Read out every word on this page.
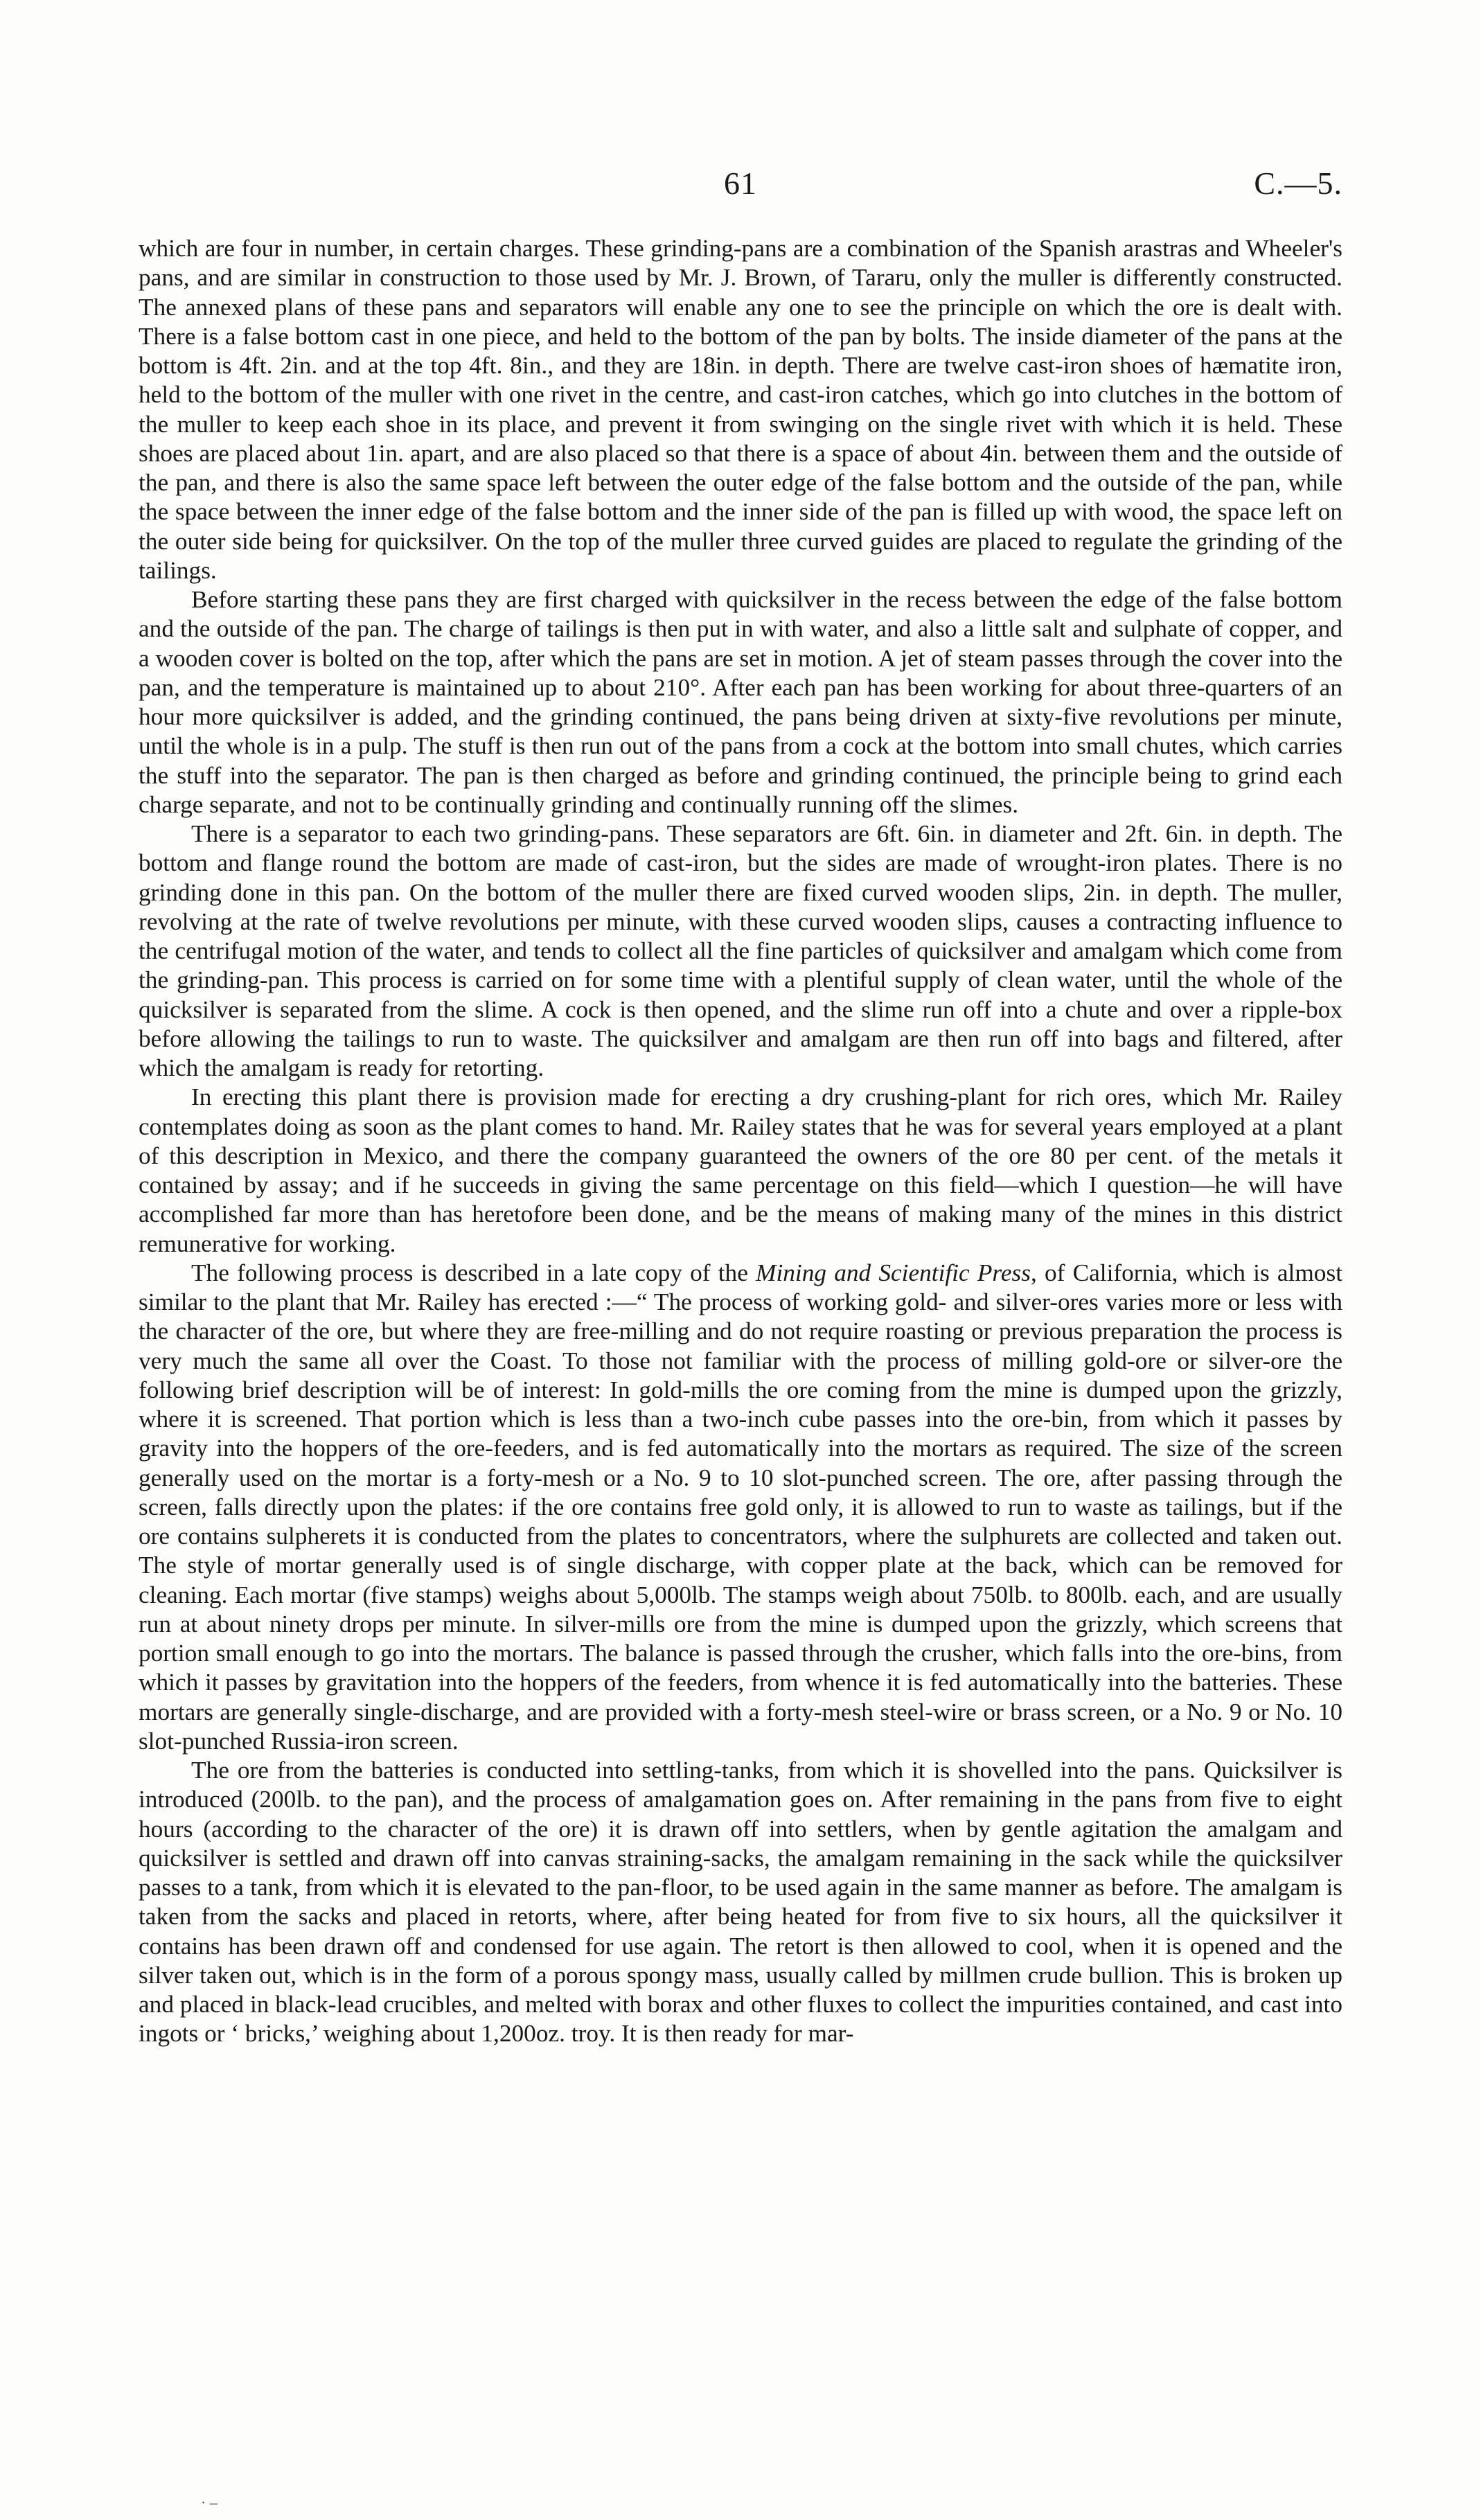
61	C.—5.

which are four in number, in certain charges. These grinding-pans are a combination of the Spanish arastras and Wheeler's pans, and are similar in construction to those used by Mr. J. Brown, of Tararu, only the muller is differently constructed. The annexed plans of these pans and separators will enable any one to see the principle on which the ore is dealt with. There is a false bottom cast in one piece, and held to the bottom of the pan by bolts. The inside diameter of the pans at the bottom is 4ft. 2in. and at the top 4ft. 8in., and they are 18in. in depth. There are twelve cast-iron shoes of hæmatite iron, held to the bottom of the muller with one rivet in the centre, and cast-iron catches, which go into clutches in the bottom of the muller to keep each shoe in its place, and prevent it from swinging on the single rivet with which it is held. These shoes are placed about 1in. apart, and are also placed so that there is a space of about 4in. between them and the outside of the pan, and there is also the same space left between the outer edge of the false bottom and the outside of the pan, while the space between the inner edge of the false bottom and the inner side of the pan is filled up with wood, the space left on the outer side being for quicksilver. On the top of the muller three curved guides are placed to regulate the grinding of the tailings.

Before starting these pans they are first charged with quicksilver in the recess between the edge of the false bottom and the outside of the pan. The charge of tailings is then put in with water, and also a little salt and sulphate of copper, and a wooden cover is bolted on the top, after which the pans are set in motion. A jet of steam passes through the cover into the pan, and the temperature is maintained up to about 210°. After each pan has been working for about three-quarters of an hour more quicksilver is added, and the grinding continued, the pans being driven at sixty-five revolutions per minute, until the whole is in a pulp. The stuff is then run out of the pans from a cock at the bottom into small chutes, which carries the stuff into the separator. The pan is then charged as before and grinding continued, the principle being to grind each charge separate, and not to be continually grinding and continually running off the slimes.

There is a separator to each two grinding-pans. These separators are 6ft. 6in. in diameter and 2ft. 6in. in depth. The bottom and flange round the bottom are made of cast-iron, but the sides are made of wrought-iron plates. There is no grinding done in this pan. On the bottom of the muller there are fixed curved wooden slips, 2in. in depth. The muller, revolving at the rate of twelve revolutions per minute, with these curved wooden slips, causes a contracting influence to the centrifugal motion of the water, and tends to collect all the fine particles of quicksilver and amalgam which come from the grinding-pan. This process is carried on for some time with a plentiful supply of clean water, until the whole of the quicksilver is separated from the slime. A cock is then opened, and the slime run off into a chute and over a ripple-box before allowing the tailings to run to waste. The quicksilver and amalgam are then run off into bags and filtered, after which the amalgam is ready for retorting.

In erecting this plant there is provision made for erecting a dry crushing-plant for rich ores, which Mr. Railey contemplates doing as soon as the plant comes to hand. Mr. Railey states that he was for several years employed at a plant of this description in Mexico, and there the company guaranteed the owners of the ore 80 per cent. of the metals it contained by assay; and if he succeeds in giving the same percentage on this field—which I question—he will have accomplished far more than has heretofore been done, and be the means of making many of the mines in this district remunerative for working.

The following process is described in a late copy of the Mining and Scientific Press, of California, which is almost similar to the plant that Mr. Railey has erected :—“ The process of working gold- and silver-ores varies more or less with the character of the ore, but where they are free-milling and do not require roasting or previous preparation the process is very much the same all over the Coast. To those not familiar with the process of milling gold-ore or silver-ore the following brief description will be of interest: In gold-mills the ore coming from the mine is dumped upon the grizzly, where it is screened. That portion which is less than a two-inch cube passes into the ore-bin, from which it passes by gravity into the hoppers of the ore-feeders, and is fed automatically into the mortars as required. The size of the screen generally used on the mortar is a forty-mesh or a No. 9 to 10 slot-punched screen. The ore, after passing through the screen, falls directly upon the plates: if the ore contains free gold only, it is allowed to run to waste as tailings, but if the ore contains sulpherets it is conducted from the plates to concentrators, where the sulphurets are collected and taken out. The style of mortar generally used is of single discharge, with copper plate at the back, which can be removed for cleaning. Each mortar (five stamps) weighs about 5,000lb. The stamps weigh about 750lb. to 800lb. each, and are usually run at about ninety drops per minute. In silver-mills ore from the mine is dumped upon the grizzly, which screens that portion small enough to go into the mortars. The balance is passed through the crusher, which falls into the ore-bins, from which it passes by gravitation into the hoppers of the feeders, from whence it is fed automatically into the batteries. These mortars are generally single-discharge, and are provided with a forty-mesh steel-wire or brass screen, or a No. 9 or No. 10 slot-punched Russia-iron screen.

The ore from the batteries is conducted into settling-tanks, from which it is shovelled into the pans. Quicksilver is introduced (200lb. to the pan), and the process of amalgamation goes on. After remaining in the pans from five to eight hours (according to the character of the ore) it is drawn off into settlers, when by gentle agitation the amalgam and quicksilver is settled and drawn off into canvas straining-sacks, the amalgam remaining in the sack while the quicksilver passes to a tank, from which it is elevated to the pan-floor, to be used again in the same manner as before. The amalgam is taken from the sacks and placed in retorts, where, after being heated for from five to six hours, all the quicksilver it contains has been drawn off and condensed for use again. The retort is then allowed to cool, when it is opened and the silver taken out, which is in the form of a porous spongy mass, usually called by millmen crude bullion. This is broken up and placed in black-lead crucibles, and melted with borax and other fluxes to collect the impurities contained, and cast into ingots or ‘ bricks,’ weighing about 1,200oz. troy. It is then ready for mar-

· ‒
